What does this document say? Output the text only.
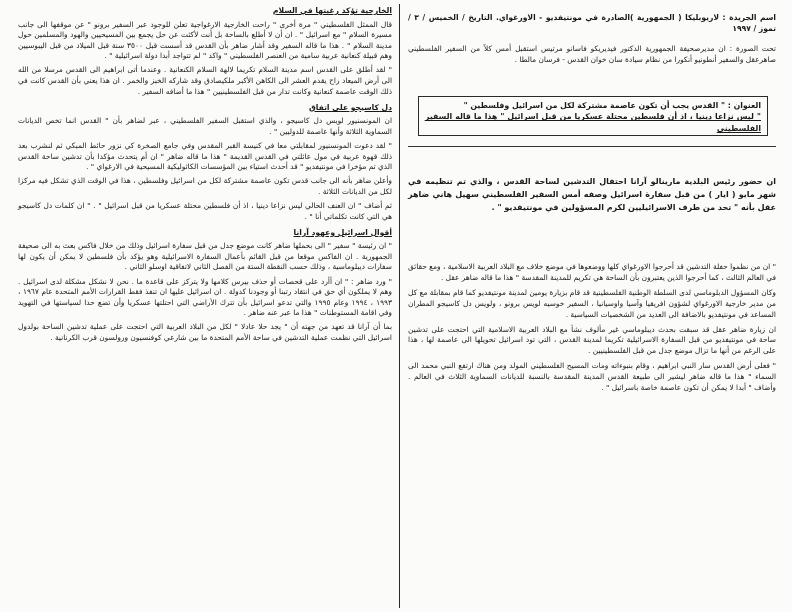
اسم الجريدة : لاريوبليكا ( الجمهورية )الصادرة في مونتيفديو - الاورغواي. التاريخ / الخميس / ٣ / تموز / ١٩٩٧

تحت الصورة : ان مديرصحيفة الجمهورية الدكتور فيديريكو فاسانو مرتيس استقبل أمس كلاً من السفير الفلسطيني صاهرعقل والسفير أنطونيو أنكورا من نظام سيادة سان خوان القدس - فرسان مالطا .

العنوان : " القدس يجب أن تكون عاصمة مشتركة لكل من اسرائيل وفلسطين "

" ليس نزاعا دينيا ، اذ أن فلسطين محتلة عسكريا من قبل اسرائيل " هذا ما قاله السفير الفلسطيني

ان حضور رئيس البلدية مارينالو آرانا احتفال التدشين لساحة القدس ، والذي تم تنظيمه في شهر مايو ( ايار ) من قبل سفارة اسرائيل وصفه أمس السفير الفلسطيني سهيل هاني ضاهر عقل بأنه " تحد من طرف الاسرائيليين لكرم المسؤولين في مونتيفديو " .

" ان من نظموا حفلة التدشين قد أحرجوا الاورغواي كلها ووضعوها في موضع خلاف مع البلاد العربية الاسلامية ، ومع حقائق في العالم الثالث ، كما أحرجوا الذين يعتبرون بأن الساحة هي تكريم للمدينة المقدسة " هذا ما قاله ضاهر عقل .

وكان المسؤول الدبلوماسي لدى السلطة الوطنية الفلسطينية قد قام بزيارة يومين لمدينة مونتيفديو كما قام بمقابلة مع كل من مدير خارجية الاورغواي لشؤون افريقيا وآسيا واوسيانيا ، السفير خوسيه لويس برونو ، ولويس دل كاسيجو المطران المساعد في مونتيفديو بالاضافة الى العديد من الشخصيات السياسية .

ان زيارة ضاهر عقل قد سبقت بحدث ديبلوماسي غير مألوف نشأ مع البلاد العربية الاسلامية التي احتجت على تدشين ساحة في مونتيفديو من قبل السفارة الاسرائيلية تكريما لمدينة القدس ، التي تود اسرائيل تحويلها الى عاصمة لها ، هذا على الرغم من أنها ما تزال موضع جدل من قبل الفلسطينيين .

" فعلى أرض القدس سار النبي ابراهيم ، وقام بنبوءاته ومات المسيح الفلسطيني المولد ومن هناك ارتفع النبي محمد الى السماء " هذا ما قاله ضاهر ليشير الى طبيعة القدس المدينة المقدسة بالنسبة للديانات السماوية الثلاث في العالم . وأضاف " أبدا لا يمكن أن تكون عاصمة خاصة باسرائيل " .

الخارجية تؤكد رغبتها في السلام

قال الممثل الفلسطيني " مرة أخرى " راحت الخارجية الارغواجية تعلن للوجود عبر السفير برونو " عن موقفها الى جانب مسيرة السلام " مع اسرائيل " . ان أن لا أطلع بالساحة بل أنت لأكثت عن حل يجمع بين المسيحيين والهود والمسلمين حول مدينة السلام " . هذا ما قاله السفير وقد أشار ضاهر بأن القدس قد أسست قبل ٣٥٠٠ سنة قبل الميلاد من قبل اليبوسيين وهم قبيلة كنعانية عربية سامية من العنصر الفلسطيني " واكد " لم تتواجد أبدا دولة اسرائيلية " .

" لقد أطلق على القدس اسم مدينة السلام تكريما لالهة السلام الكنعانية . وعندما أتى ابراهيم الى القدس مرسلا من الله الى أرض الميعاد راح يقدم العشر الى الكاهن الأكبر ملكيصادق وقد شاركه الخبز والخمر . ان هذا يعني بأن القدس كانت في ذلك الوقت عاصمة كنعانية وكانت تدار من قبل الفلسطينيين " هذا ما أضافه السفير .

دل كاسيجو على اتفاق

ان المونسنيور لويس دل كاسيجو ، والذي استقبل السفير الفلسطيني ، عبر لضاهر بأن " القدس انما تخص الديانات السماوية الثلاثة وأنها عاصمة للدوليين " .

" لقد دعوت المونسنيور لمقابلتي معا في كنيسة القبر المقدس وفي جامع الصخرة كي نزور حائط المبكي ثم لنشرب بعد ذلك قهوة عربية في مول عائلتي في القدس القديمة " هذا ما قاله ضاهر " ان أم يتحدث مؤكدا بأن تدشين ساحة القدس الذي تم مؤخرا في مونتيفديو " قد أحدث استياء بين المؤسسات الكاثوليكية المسيحية في الارغواي " .

وأعلن ضاهر بأنه الى جانب قدس تكون عاصمة مشتركة لكل من اسرائيل وفلسطين ، هذا في الوقت الذي تشكل فيه مركزا لكل من الديانات الثلاثة .

ثم أضاف " ان العنف الحالي ليس نزاعا دينيا ، اذ أن فلسطين محتلة عسكريا من قبل اسرائيل " . " ان كلمات دل كاسيجو هي التي كانت تكلماتي أنا " .

أقوال اسرائيل وعهود آرانا

" ان رئيسة " سفير " الى بحملها ضاهر كانت موضع جدل من قبل سفارة اسرائيل وذلك من خلال فاكس بعث به الى صحيفة الجمهورية . ان الفاكس موقعا من قبل القائم بأعمال السفارة الاسرائيلية وهو يؤكد بأن فلسطين لا يمكن أن يكون لها سفارات ديبلوماسية ، وذلك حسب النقطة الستة من الفصل الثاني لاتفاقية اوسلو الثاني .

" ورد ضاهر : " ان أأرد على قحصات أو حذف بيرس كلامها ولا يتركز على قاعدة ما . نحن لا نشكل مشكلة لدى اسرائيل . وهم لا يملكون أي حق في انتقاد رتبنا أو وجودنا كدولة . ان اسرائيل عليها ان تنفذ فقط القرارات الأمم المتحدة عام ١٩٦٧ ، ١٩٩٣ ، ١٩٩٤ وعام ١٩٩٥ والتي تدعو اسرائيل بأن تترك الأراضي التي احتلتها عسكريا وأن تضع حدا لسياستها في التهويد وفي اقامة المستوطنات " هذا ما عبر عنه ضاهر .

بما أن آرانا قد تعهد من جهته أن " يجد حلا عادلا " لكل من البلاد العربية التي احتجت على عملية تدشين الساحة بولدول اسرائيل التي نظمت عملية التدشين في ساحة الأمم المتحدة ما بين شارعي كوفنسيون ورولسون قرب الكرنانية .
